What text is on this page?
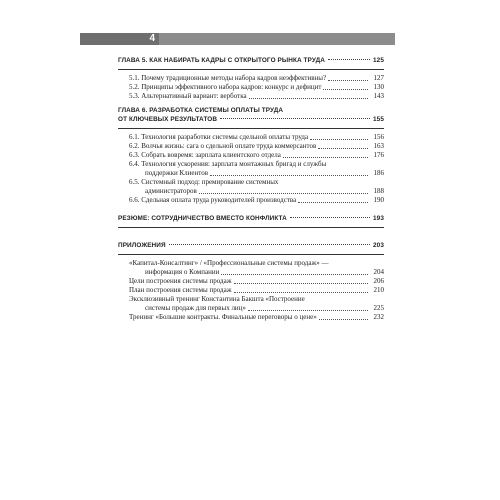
4
ГЛАВА 5. КАК НАБИРАТЬ КАДРЫ С ОТКРЫТОГО РЫНКА ТРУДА	125
5.1. Почему традиционные методы набора кадров неэффективны?	127
5.2. Принципы эффективного набора кадров: конкурс и дефицит	130
5.3. Альтернативный вариант: верботка	143
ГЛАВА 6. РАЗРАБОТКА СИСТЕМЫ ОПЛАТЫ ТРУДА
ОТ КЛЮЧЕВЫХ РЕЗУЛЬТАТОВ	155
6.1. Технология разработки системы сдельной оплаты труда	156
6.2. Волчья жизнь: сага о сдельной оплате труда коммерсантов	163
6.3. Собрать вовремя: зарплата клиентского отдела	176
6.4. Технология ускорения: зарплата монтажных бригад и службы
поддержки Клиентов	186
6.5. Системный подход: премирование системных
администраторов	188
6.6. Сдельная оплата труда руководителей производства	190
РЕЗЮМЕ: СОТРУДНИЧЕСТВО ВМЕСТО КОНФЛИКТА	193
ПРИЛОЖЕНИЯ	203
«Капитал-Консалтинг» / «Профессиональные системы продаж» —
информация о Компании	204
Цели построения системы продаж	206
План построения системы продаж	210
Эксклюзивный тренинг Константина Бакшта «Построение
системы продаж для первых лиц»	225
Тренинг «Большие контракты. Финальные переговоры о цене»	232
